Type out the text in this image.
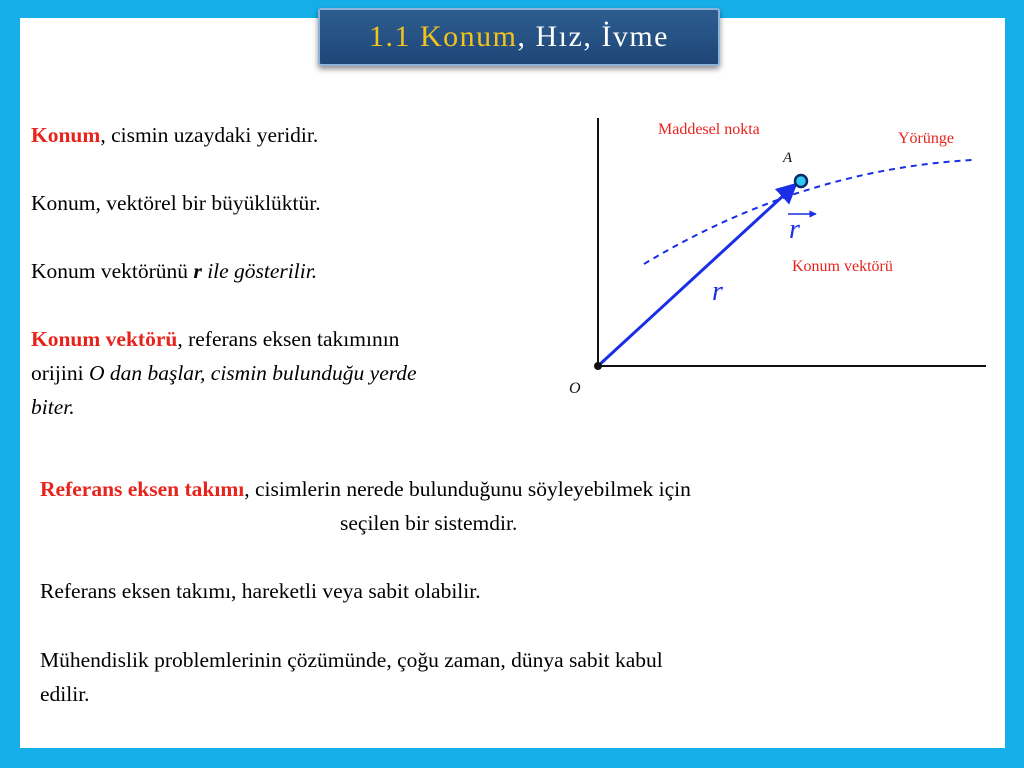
1.1 Konum , Hız, İvme

Konum, cismin uzaydaki yeridir.

Konum, vektörel bir büyüklüktür.

Konum vektörünü r ile gösterilir.

Konum vektörü, referans eksen takımının

orijini O dan başlar, cismin bulunduğu yerde

biter.

Maddesel nokta
Yörünge
A
r
Konum vektörü
r
O

Referans eksen takımı, cisimlerin nerede bulunduğunu söyleyebilmek için

seçilen bir sistemdir.

Referans eksen takımı, hareketli veya sabit olabilir.

Mühendislik problemlerinin çözümünde, çoğu zaman, dünya sabit kabul

edilir.
